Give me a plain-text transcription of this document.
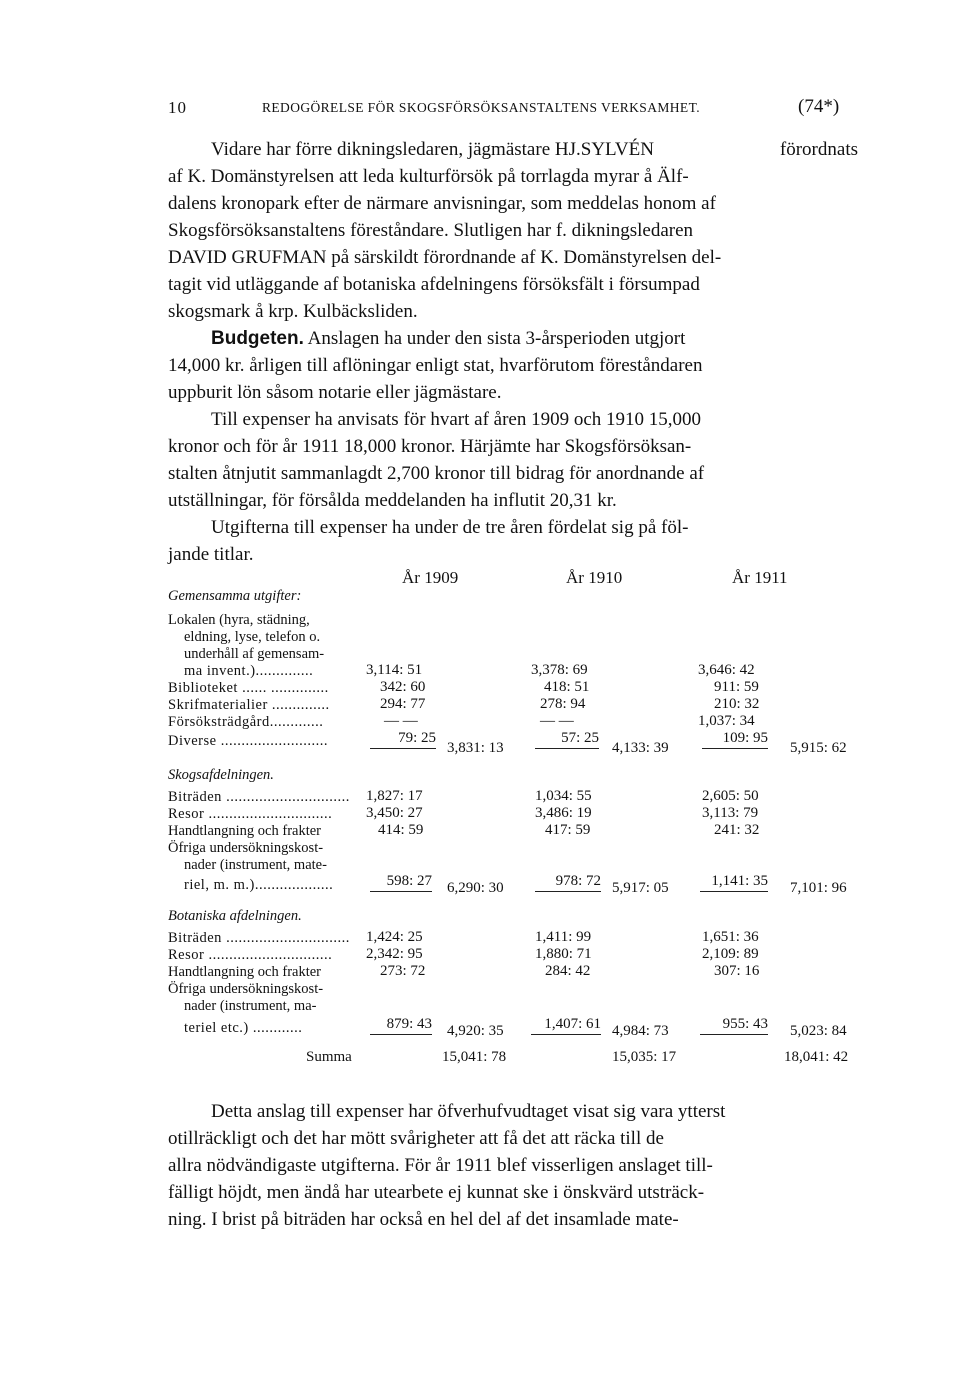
10	REDOGÖRELSE FÖR SKOGSFÖRSÖKSANSTALTENS VERKSAMHET.	(74*)
Vidare har förre dikningsledaren, jägmästare HJ. SYLVÉN	förordnats
af K. Domänstyrelsen att leda kulturförsök på torrlagda myrar å Älf-
dalens kronopark efter de närmare anvisningar, som meddelas honom af
Skogsförsöksanstaltens föreståndare. Slutligen har f. dikningsledaren
DAVID GRUFMAN på särskildt förordnande af K. Domänstyrelsen del-
tagit vid utläggande af botaniska afdelningens försöksfält i försumpad
skogsmark å krp. Kulbäcksliden.
Budgeten. Anslagen ha under den sista 3-årsperioden utgjort
14,000 kr. årligen till aflöningar enligt stat, hvarförutom föreståndaren
uppburit lön såsom notarie eller jägmästare.
Till expenser ha anvisats för hvart af åren 1909 och 1910 15,000
kronor och för år 1911 18,000 kronor. Härjämte har Skogsförsöksan-
stalten åtnjutit sammanlagdt 2,700 kronor till bidrag för anordnande af
utställningar, för försålda meddelanden ha influtit 20,31 kr.
Utgifterna till expenser ha under de tre åren fördelat sig på föl-
jande titlar.
År 1909	År 1910	År 1911
Gemensamma utgifter:
Lokalen (hyra, städning,
eldning, lyse, telefon o.
underhåll af gemensam-
ma invent.)..............	3,114: 51	3,378: 69	3,646: 42
Biblioteket ...... ..............	342: 60	418: 51	911: 59
Skrifmaterialier ..............	294: 77	278: 94	210: 32
Försöksträdgård.............	— —	— —	1,037: 34
Diverse ..........................	79: 25	57: 25	109: 95
3,831: 13	4,133: 39	5,915: 62
Skogsafdelningen.
Biträden .............................. 1,827: 17	1,034: 55	2,605: 50
Resor .............................. 3,450: 27	3,486: 19	3,113: 79
Handtlangning och frakter	414: 59	417: 59	241: 32
Öfriga undersökningskost-
nader (instrument, mate-
riel, m. m.)...................	598: 27	978: 72	1,141: 35
6,290: 30	5,917: 05	7,101: 96
Botaniska afdelningen.
Biträden .............................. 1,424: 25	1,411: 99	1,651: 36
Resor .............................. 2,342: 95	1,880: 71	2,109: 89
Handtlangning och frakter	273: 72	284: 42	307: 16
Öfriga undersökningskost-
nader (instrument, ma-
teriel etc.) ............	879: 43	1,407: 61	955: 43
4,920: 35	4,984: 73	5,023: 84
Summa	15,041: 78	15,035: 17	18,041: 42
Detta anslag till expenser har öfverhufvudtaget visat sig vara ytterst
otillräckligt och det har mött svårigheter att få det att räcka till de
allra nödvändigaste utgifterna. För år 1911 blef visserligen anslaget till-
fälligt höjdt, men ändå har utearbete ej kunnat ske i önskvärd utsträck-
ning. I brist på biträden har också en hel del af det insamlade mate-
